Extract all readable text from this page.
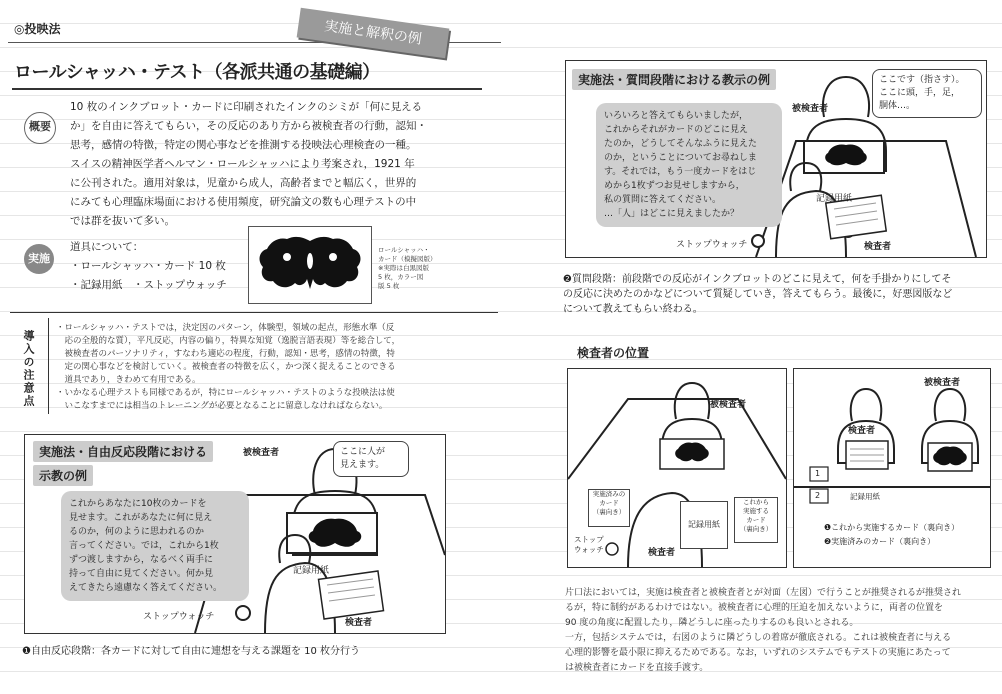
◎投映法	実施と解釈の例
ロールシャッハ・テスト（各派共通の基礎編）
概要
10 枚のインクブロット・カードに印刷されたインクのシミが「何に見える
か」を自由に答えてもらい，その反応のあり方から被検査者の行動，認知・
思考，感情の特徴，特定の関心事などを推測する投映法心理検査の一種。
スイスの精神医学者ヘルマン・ロールシャッハにより考案され，1921 年
に公刊された。適用対象は，児童から成人，高齢者までと幅広く，世界的
にみても心理臨床場面における使用頻度，研究論文の数も心理テストの中
では群を抜いて多い。
実施
道具について：
・ロールシャッハ・カード 10 枚
・記録用紙　・ストップウォッチ
ロールシャッハ・
カード（模擬図版）
※実際は白黒図版
5 枚，カラー図
版 5 枚
導入の注意点
・ロールシャッハ・テストでは，決定因のパターン，体験型，領域の起点，形態水準（反
　応の全般的な質），平凡反応，内容の偏り，特異な知覚（逸脱言語表現）等を総合して，
　被検査者のパーソナリティ，すなわち適応の程度，行動，認知・思考，感情の特徴，特
　定の関心事などを検討していく。被検査者の特徴を広く，かつ深く捉えることのできる
　道具であり，きわめて有用である。
・いかなる心理テストも同様であるが，特にロールシャッハ・テストのような投映法は使
　いこなすまでには相当のトレーニングが必要となることに留意しなければならない。
実施法・自由反応段階における
示教の例
被検査者	ここに人が
見えます。
これからあなたに10枚のカードを
見せます。これがあなたに何に見え
るのか，何のように思われるのか
言ってください。では，これから1枚
ずつ渡しますから，なるべく両手に
持って自由に見てください。何か見
えてきたら遠慮なく答えてください。
記録用紙
ストップウォッチ
検査者
❶自由反応段階：各カードに対して自由に連想を与える課題を 10 枚分行う
実施法・質問段階における教示の例	ここです（指さす）。
ここに頭，手，足，
胴体…。
被検査者
いろいろと答えてもらいましたが，
これからそれがカードのどこに見え
たのか，どうしてそんなふうに見えた
のか，ということについてお尋ねしま
す。それでは，もう一度カードをはじ
めから1枚ずつお見せしますから，
私の質問に答えてください。
…「人」はどこに見えましたか？
記録用紙
ストップウォッチ	検査者
❷質問段階：前段階での反応がインクブロットのどこに見えて，何を手掛かりにしてそ
の反応に決めたのかなどについて質疑していき，答えてもらう。最後に，好悪図版など
について教えてもらい終わる。
検査者の位置
被検査者
実施済みの
カード
（裏向き）
記録用紙
これから
実施する
カード
（裏向き）
ストップ
ウォッチ	検査者
被検査者
検査者
記録用紙
1
2
❶これから実施するカード（裏向き）
❷実施済みのカード（裏向き）
片口法においては，実施は検査者と被検査者とが対面（左図）で行うことが推奨されるが推奨され
るが，特に制約があるわけではない。被検査者に心理的圧迫を加えないように，両者の位置を
90 度の角度に配置したり，隣どうしに座ったりするのも良いとされる。
一方，包括システムでは，右図のように隣どうしの着席が徹底される。これは被検査者に与える
心理的影響を最小限に抑えるためである。なお，いずれのシステムでもテストの実施にあたって
は被検査者にカードを直接手渡す。
